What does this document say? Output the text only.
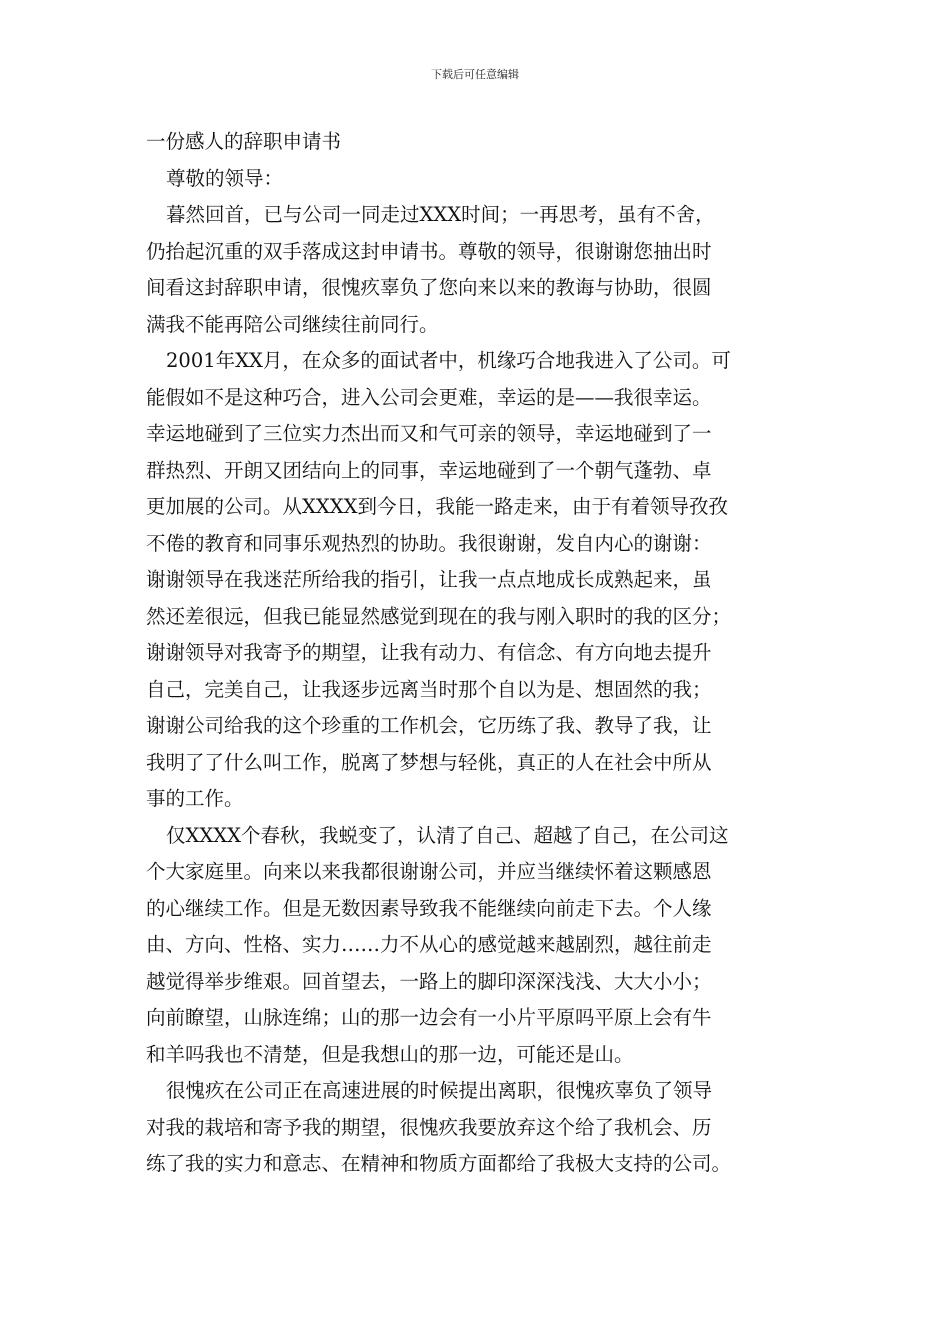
下载后可任意编辑
一份感人的辞职申请书

尊敬的领导：

暮然回首，已与公司一同走过XXX时间；一再思考，虽有不舍，
仍抬起沉重的双手落成这封申请书。尊敬的领导，很谢谢您抽出时
间看这封辞职申请，很愧疚辜负了您向来以来的教诲与协助，很圆
满我不能再陪公司继续往前同行。

2001年XX月，在众多的面试者中，机缘巧合地我进入了公司。可
能假如不是这种巧合，进入公司会更难，幸运的是——我很幸运。
幸运地碰到了三位实力杰出而又和气可亲的领导，幸运地碰到了一
群热烈、开朗又团结向上的同事，幸运地碰到了一个朝气蓬勃、卓
更加展的公司。从XXXX到今日，我能一路走来，由于有着领导孜孜
不倦的教育和同事乐观热烈的协助。我很谢谢，发自内心的谢谢：
谢谢领导在我迷茫所给我的指引，让我一点点地成长成熟起来，虽
然还差很远，但我已能显然感觉到现在的我与刚入职时的我的区分；
谢谢领导对我寄予的期望，让我有动力、有信念、有方向地去提升
自己，完美自己，让我逐步远离当时那个自以为是、想固然的我；
谢谢公司给我的这个珍重的工作机会，它历练了我、教导了我，让
我明了了什么叫工作，脱离了梦想与轻佻，真正的人在社会中所从
事的工作。

仅XXXX个春秋，我蜕变了，认清了自己、超越了自己，在公司这
个大家庭里。向来以来我都很谢谢公司，并应当继续怀着这颗感恩
的心继续工作。但是无数因素导致我不能继续向前走下去。个人缘
由、方向、性格、实力……力不从心的感觉越来越剧烈，越往前走
越觉得举步维艰。回首望去，一路上的脚印深深浅浅、大大小小；
向前瞭望，山脉连绵；山的那一边会有一小片平原吗平原上会有牛
和羊吗我也不清楚，但是我想山的那一边，可能还是山。

很愧疚在公司正在高速进展的时候提出离职，很愧疚辜负了领导
对我的栽培和寄予我的期望，很愧疚我要放弃这个给了我机会、历
练了我的实力和意志、在精神和物质方面都给了我极大支持的公司。
